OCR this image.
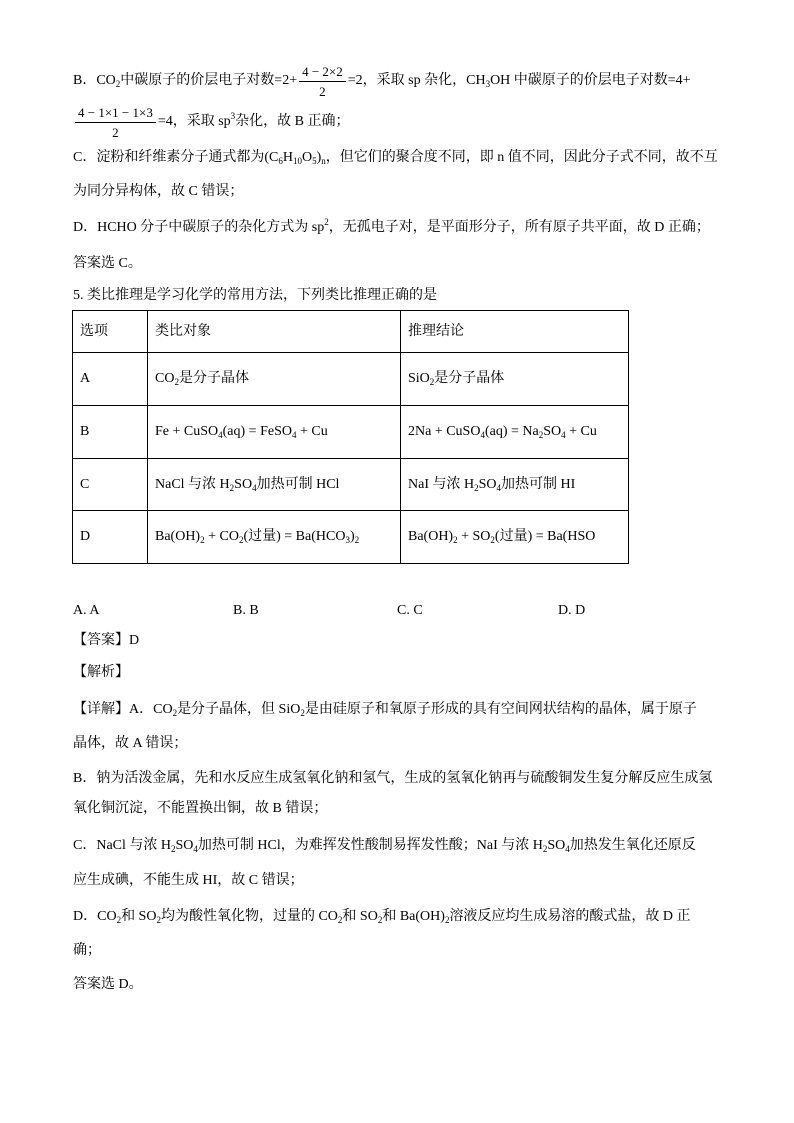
B．$CO_2$中碳原子的价层电子对数$=2+ \frac{4 - 2\times 2}{2} =2$，采取 sp 杂化，$CH_3OH$ 中碳原子的价层电子对数=4+
$\frac{4 - 1\times 1 - 1\times 3}{2} =4$，采取 $sp^3$杂化，故 B 正确；
C．淀粉和纤维素分子通式都为$(C_6H_{10}O_5)_n$，但它们的聚合度不同，即 n 值不同，因此分子式不同，故不互
为同分异构体，故 C 错误；
D．HCHO 分子中碳原子的杂化方式为 $sp^2$，无孤电子对，是平面形分子，所有原子共平面，故 D 正确；
答案选 C。
5. 类比推理是学习化学的常用方法，下列类比推理正确的是
选项	类比对象	推理结论

A	$CO_2$是分子晶体	SiO$_2$是分子晶体

B	Fe + CuSO$_4$(aq) = FeSO$_4$ + Cu	2Na + CuSO$_4$(aq) = $Na_2SO_4 + Cu$

C	NaCl 与浓 $H_2SO_4$加热可制 HCl	NaI 与浓 $H_2SO_4$加热可制 HI

D	$Ba(OH)_2 + CO_2$(过量) = $Ba(HCO_3)_2$	$Ba(OH)_2 + SO_2$(过量) = Ba(HSO
A. A	B. B	C. C	D. D
【答案】D
【解析】
【详解】A．$CO_2$是分子晶体，但 SiO$_2$是由硅原子和氧原子形成的具有空间网状结构的晶体，属于原子
晶体，故 A 错误；
B．钠为活泼金属，先和水反应生成氢氧化钠和氢气，生成的氢氧化钠再与硫酸铜发生复分解反应生成氢
氧化铜沉淀，不能置换出铜，故 B 错误；
C．NaCl 与浓 $H_2SO_4$加热可制 HCl，为难挥发性酸制易挥发性酸；NaI 与浓 $H_2SO_4$加热发生氧化还原反
应生成碘，不能生成 HI，故 C 错误；
D．$CO_2$和 $SO_2$均为酸性氧化物，过量的 $CO_2$和 $SO_2$和 $Ba(OH)_2$溶液反应均生成易溶的酸式盐，故 D 正
确；
答案选 D。
